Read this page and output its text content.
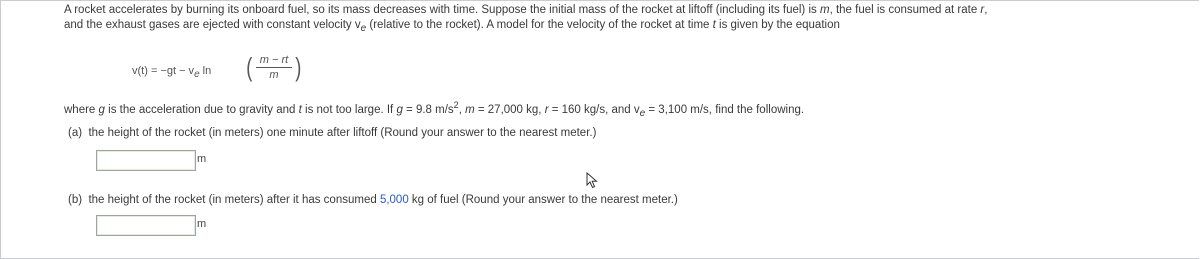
A rocket accelerates by burning its onboard fuel, so its mass decreases with time. Suppose the initial mass of the rocket at liftoff (including its fuel) is m, the fuel is consumed at rate r,

and the exhaust gases are ejected with constant velocity $v_e$ (relative to the rocket). A model for the velocity of the rocket at time t is given by the equation

$v(t) = -gt - v_e$ ln ( $\frac{m - rt}{m}$ )
where g is the acceleration due to gravity and t is not too large. If g = 9.8 $m/s^2$, m = 27,000 kg, r = 160 kg/s, and $v_e = 3,100$ m/s, find the following.
(a) the height of the rocket (in meters) one minute after liftoff (Round your answer to the nearest meter.)
m
(b) the height of the rocket (in meters) after it has consumed 5,000 kg of fuel (Round your answer to the nearest meter.)
m
